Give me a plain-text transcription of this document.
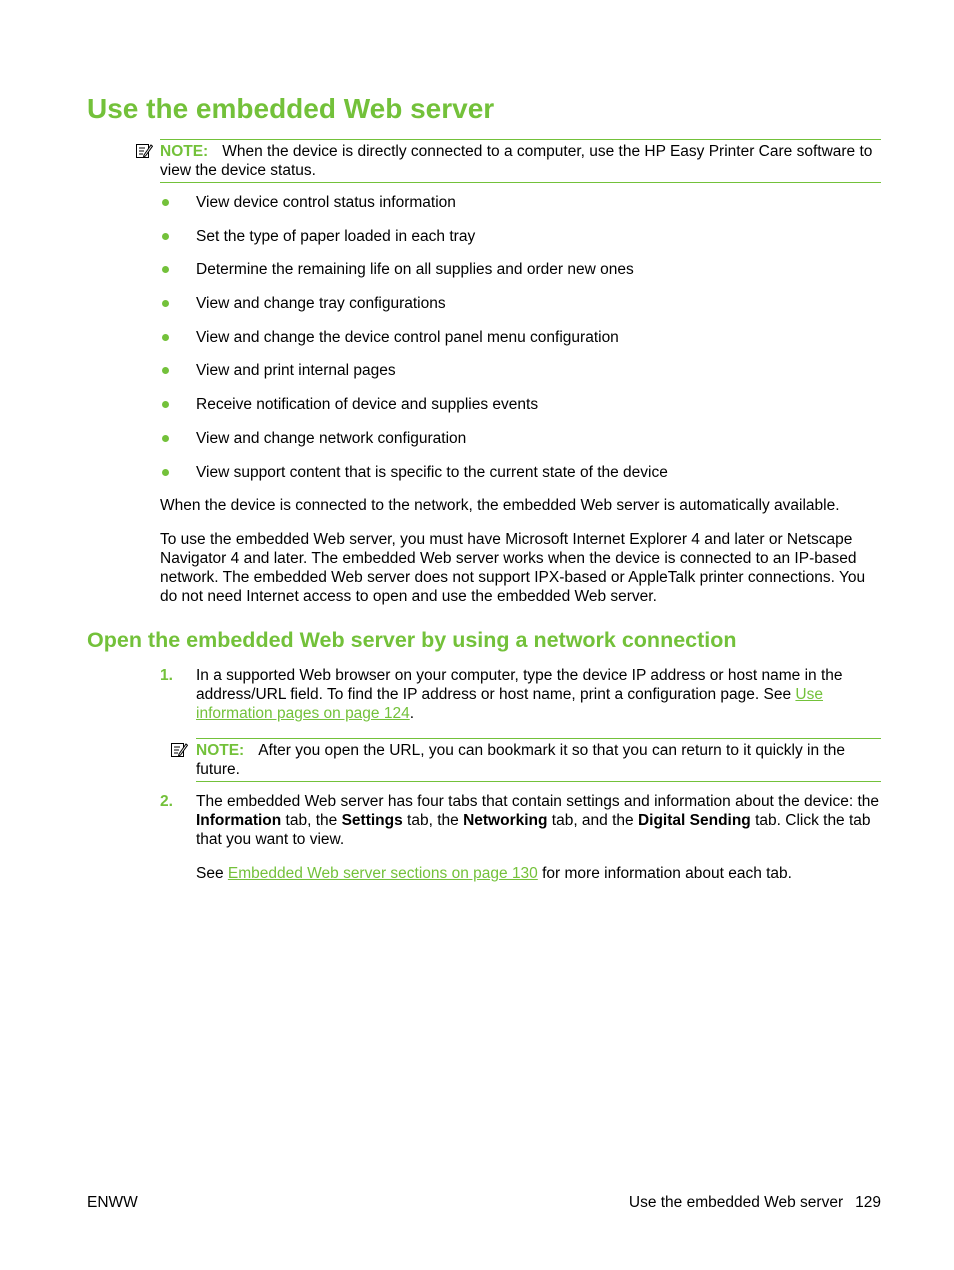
Use the embedded Web server
NOTE: When the device is directly connected to a computer, use the HP Easy Printer Care software to view the device status.
View device control status information
Set the type of paper loaded in each tray
Determine the remaining life on all supplies and order new ones
View and change tray configurations
View and change the device control panel menu configuration
View and print internal pages
Receive notification of device and supplies events
View and change network configuration
View support content that is specific to the current state of the device

When the device is connected to the network, the embedded Web server is automatically available.

To use the embedded Web server, you must have Microsoft Internet Explorer 4 and later or Netscape Navigator 4 and later. The embedded Web server works when the device is connected to an IP-based network. The embedded Web server does not support IPX-based or AppleTalk printer connections. You do not need Internet access to open and use the embedded Web server.

Open the embedded Web server by using a network connection
1. In a supported Web browser on your computer, type the device IP address or host name in the address/URL field. To find the IP address or host name, print a configuration page. See Use information pages on page 124.
NOTE: After you open the URL, you can bookmark it so that you can return to it quickly in the future.
2. The embedded Web server has four tabs that contain settings and information about the device: the Information tab, the Settings tab, the Networking tab, and the Digital Sending tab. Click the tab that you want to view.
See Embedded Web server sections on page 130 for more information about each tab.
ENWW	Use the embedded Web server 129
